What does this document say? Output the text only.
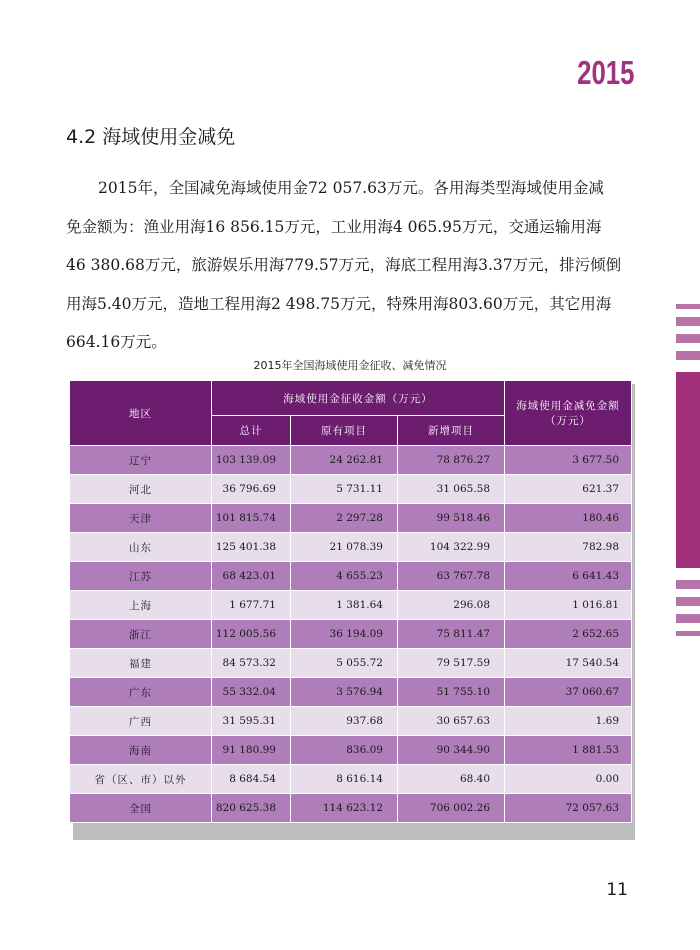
2015
4.2 海域使用金减免

2015年，全国减免海域使用金72 057.63万元。各用海类型海域使用金减
免金额为：渔业用海16 856.15万元，工业用海4 065.95万元，交通运输用海
46 380.68万元，旅游娱乐用海779.57万元，海底工程用海3.37万元，排污倾倒
用海5.40万元，造地工程用海2 498.75万元，特殊用海803.60万元，其它用海
664.16万元。

2015年全国海域使用金征收、减免情况
地区	海域使用金征收金额（万元）			海域使用金减免金额（万元）
	总计	原有项目	新增项目	
辽宁	103 139.09	24 262.81	78 876.27	3 677.50
河北	36 796.69	5 731.11	31 065.58	621.37
天津	101 815.74	2 297.28	99 518.46	180.46
山东	125 401.38	21 078.39	104 322.99	782.98
江苏	68 423.01	4 655.23	63 767.78	6 641.43
上海	1 677.71	1 381.64	296.08	1 016.81
浙江	112 005.56	36 194.09	75 811.47	2 652.65
福建	84 573.32	5 055.72	79 517.59	17 540.54
广东	55 332.04	3 576.94	51 755.10	37 060.67
广西	31 595.31	937.68	30 657.63	1.69
海南	91 180.99	836.09	90 344.90	1 881.53
省（区、市）以外	8 684.54	8 616.14	68.40	0.00
全国	820 625.38	114 623.12	706 002.26	72 057.63
11
